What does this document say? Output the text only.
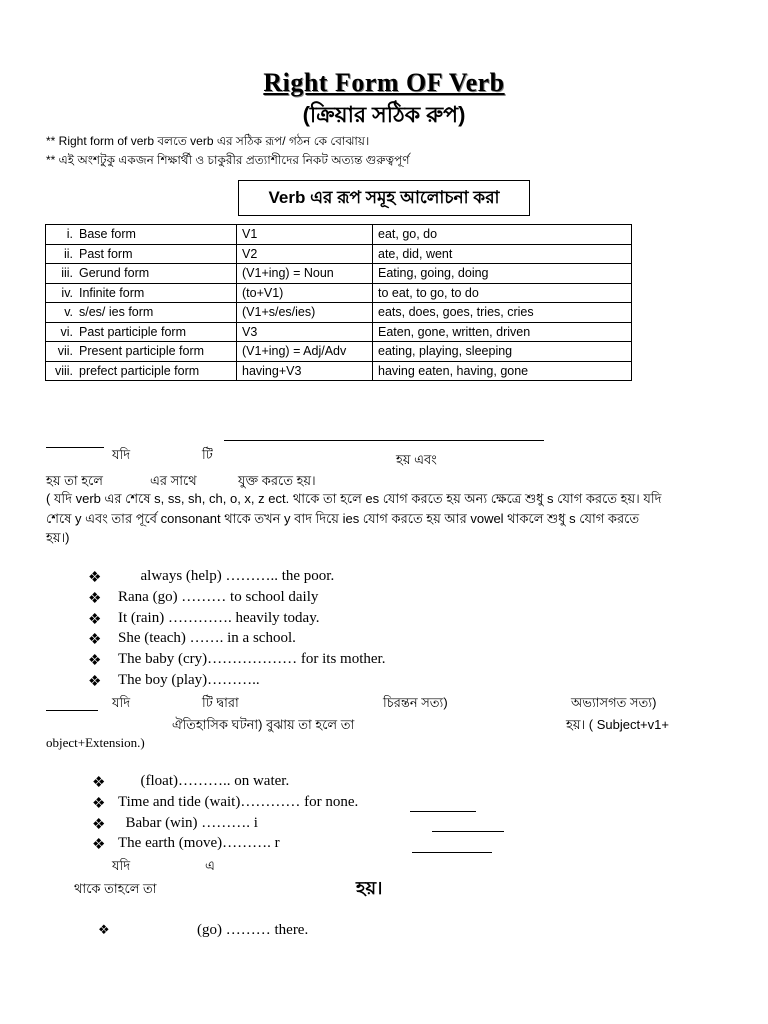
Right Form OF Verb
(ক্রিয়ার সঠিক রুপ)
** Right form of verb বলতে verb এর সঠিক রূপ/ গঠন কে বোঝায়।
** এই অংশটুকু একজন শিক্ষার্থী ও চাকুরীর প্রত্যাশীদের নিকট অত্যন্ত গুরুত্বপূর্ণ
Verb এর রূপ সমূহ আলোচনা করা
i. Base form	V1	eat, go, do
ii. Past form	V2	ate, did, went
iii. Gerund form	(V1+ing) = Noun	Eating, going, doing
iv. Infinite form	(to+V1)	to eat, to go, to do
v. s/es/ ies form	(V1+s/es/ies)	eats, does, goes, tries, cries
vi. Past participle form	V3	Eaten, gone, written, driven
vii. Present participle form	(V1+ing) = Adj/Adv	eating, playing, sleeping
viii. prefect participle form	having+V3	having eaten, having, gone
যদি	টি	হয় এবং
হয় তা হলে	এর সাথে	যুক্ত করতে হয়।
( যদি verb এর শেষে s, ss, sh, ch, o, x, z ect. থাকে তা হলে es যোগ করতে হয় অন্য ক্ষেত্রে শুধু s যোগ করতে হয়। যদি
শেষে y এবং তার পূর্বে consonant থাকে তখন y বাদ দিয়ে ies যোগ করতে হয় আর vowel থাকলে শুধু s যোগ করতে
হয়।)
❖ always (help) ……….. the poor.
❖ Rana (go) ……… to school daily
❖ It (rain) …………. heavily today.
❖ She (teach) ……. in a school.
❖ The baby (cry)……………… for its mother.
❖ The boy (play)………..
যদি	টি দ্বারা	চিরন্তন সত্য)	অভ্যাসগত সত্য)
ঐতিহাসিক ঘটনা) বুঝায় তা হলে তা	হয়। ( Subject+v1+
object+Extension.)
❖ (float)……….. on water.
❖ Time and tide (wait)………… for none.
❖ Babar (win) ………. i
❖ The earth (move)………. r
যদি	এ
থাকে তাহলে তা	হয়।
❖	(go) ……… there.
